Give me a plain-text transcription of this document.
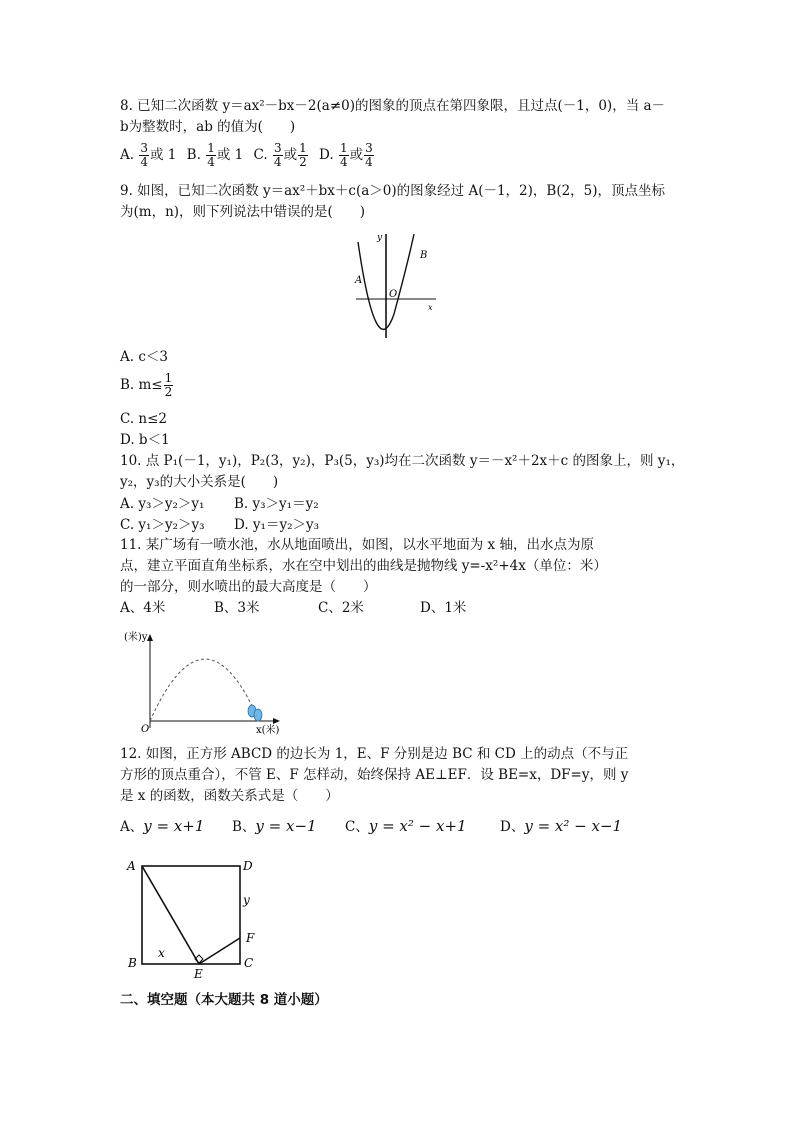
8. 已知二次函数 y＝ax²－bx－2(a≠0)的图象的顶点在第四象限，且过点(－1，0)，当 a－
b为整数时，ab 的值为(　　)
A. $\frac{3}{4}$ 或 1 B. $\frac{1}{4}$ 或 1 C. $\frac{3}{4}$ 或 $\frac{1}{2} D$. $\frac{1}{4}$ 或 $\frac{3}{4}$
9. 如图，已知二次函数 y＝ax²＋bx＋c(a＞0)的图象经过 A(－1，2)，B(2，5)，顶点坐标
为(m，n)，则下列说法中错误的是(　　)
y
x
A
B
O
A. c＜3
B. $m\le \frac{1}{2}$
C. n≤2
D. b＜1
10. 点 P₁(－1，y₁)，P₂(3，y₂)，P₃(5，y₃)均在二次函数 y＝－x²＋2x＋c 的图象上，则 y₁，
y₂，y₃的大小关系是(　　)
A. y₃＞y₂＞y₁ B. y₃＞y₁＝y₂
C. y₁＞y₂＞y₃ D. y₁＝y₂＞y₃
11. 某广场有一喷水池，水从地面喷出，如图，以水平地面为 x 轴，出水点为原
点，建立平面直角坐标系，水在空中划出的曲线是抛物线 y=-x²+4x（单位：米）
的一部分，则水喷出的最大高度是（　　）
A、4米	B、3米	C、2米	D、1米
(米)y
x(米)
O
12. 如图，正方形 ABCD 的边长为 1，E、F 分别是边 BC 和 CD 上的动点（不与正
方形的顶点重合），不管 E、F 怎样动，始终保持 AE⊥EF．设 BE=x，DF=y，则 y
是 x 的函数，函数关系式是（　　）
A、y = x+1 B、y = x−1 C、y = x² − x+1 D、y = x² − x−1
A	D
B	C
E
F
x
y
二、填空题（本大题共 8 道小题）
